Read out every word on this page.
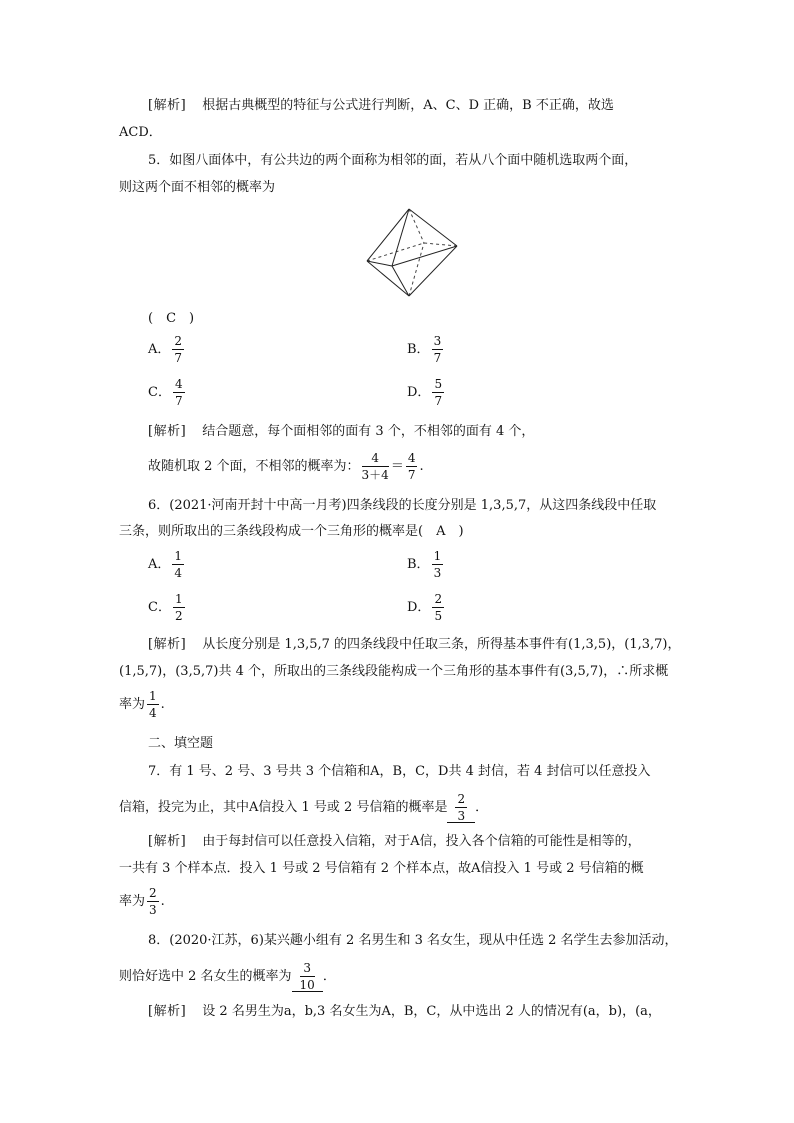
[解析] 根据古典概型的特征与公式进行判断，A、C、D 正确，B 不正确，故选
ACD．
5．如图八面体中，有公共边的两个面称为相邻的面，若从八个面中随机选取两个面，
则这两个面不相邻的概率为
(　C　)
A． $\frac{2}{7}$	B． $\frac{3}{7}$
C． $\frac{4}{7}$	D． $\frac{5}{7}$
[解析] 结合题意，每个面相邻的面有 3 个，不相邻的面有 4 个，
故随机取 2 个面，不相邻的概率为： $\frac{4}{3+4} = \frac{4}{7}$ .
6．(2021·河南开封十中高一月考)四条线段的长度分别是 1,3,5,7，从这四条线段中任取
三条，则所取出的三条线段构成一个三角形的概率是(　A　)
A． $\frac{1}{4}$	B． $\frac{1}{3}$
C． $\frac{1}{2}$	D． $\frac{2}{5}$
[解析] 从长度分别是 1,3,5,7 的四条线段中任取三条，所得基本事件有(1,3,5)，(1,3,7)，
(1,5,7)，(3,5,7)共 4 个，所取出的三条线段能构成一个三角形的基本事件有(3,5,7)，∴所求概
率为 $\frac{1}{4}$ .
二、填空题
7．有 1 号、2 号、3 号共 3 个信箱和A，B，C，D共 4 封信，若 4 封信可以任意投入
信箱，投完为止，其中A信投入 1 号或 2 号信箱的概率是 $\frac{2}{3}$ ．
[解析] 由于每封信可以任意投入信箱，对于A信，投入各个信箱的可能性是相等的，
一共有 3 个样本点．投入 1 号或 2 号信箱有 2 个样本点，故A信投入 1 号或 2 号信箱的概
率为 $\frac{2}{3}$ .
8．(2020·江苏，6)某兴趣小组有 2 名男生和 3 名女生，现从中任选 2 名学生去参加活动，
则恰好选中 2 名女生的概率为 $\frac{3}{10}$ ．
[解析] 设 2 名男生为a，b,3 名女生为A，B，C，从中选出 2 人的情况有(a，b)，(a，
